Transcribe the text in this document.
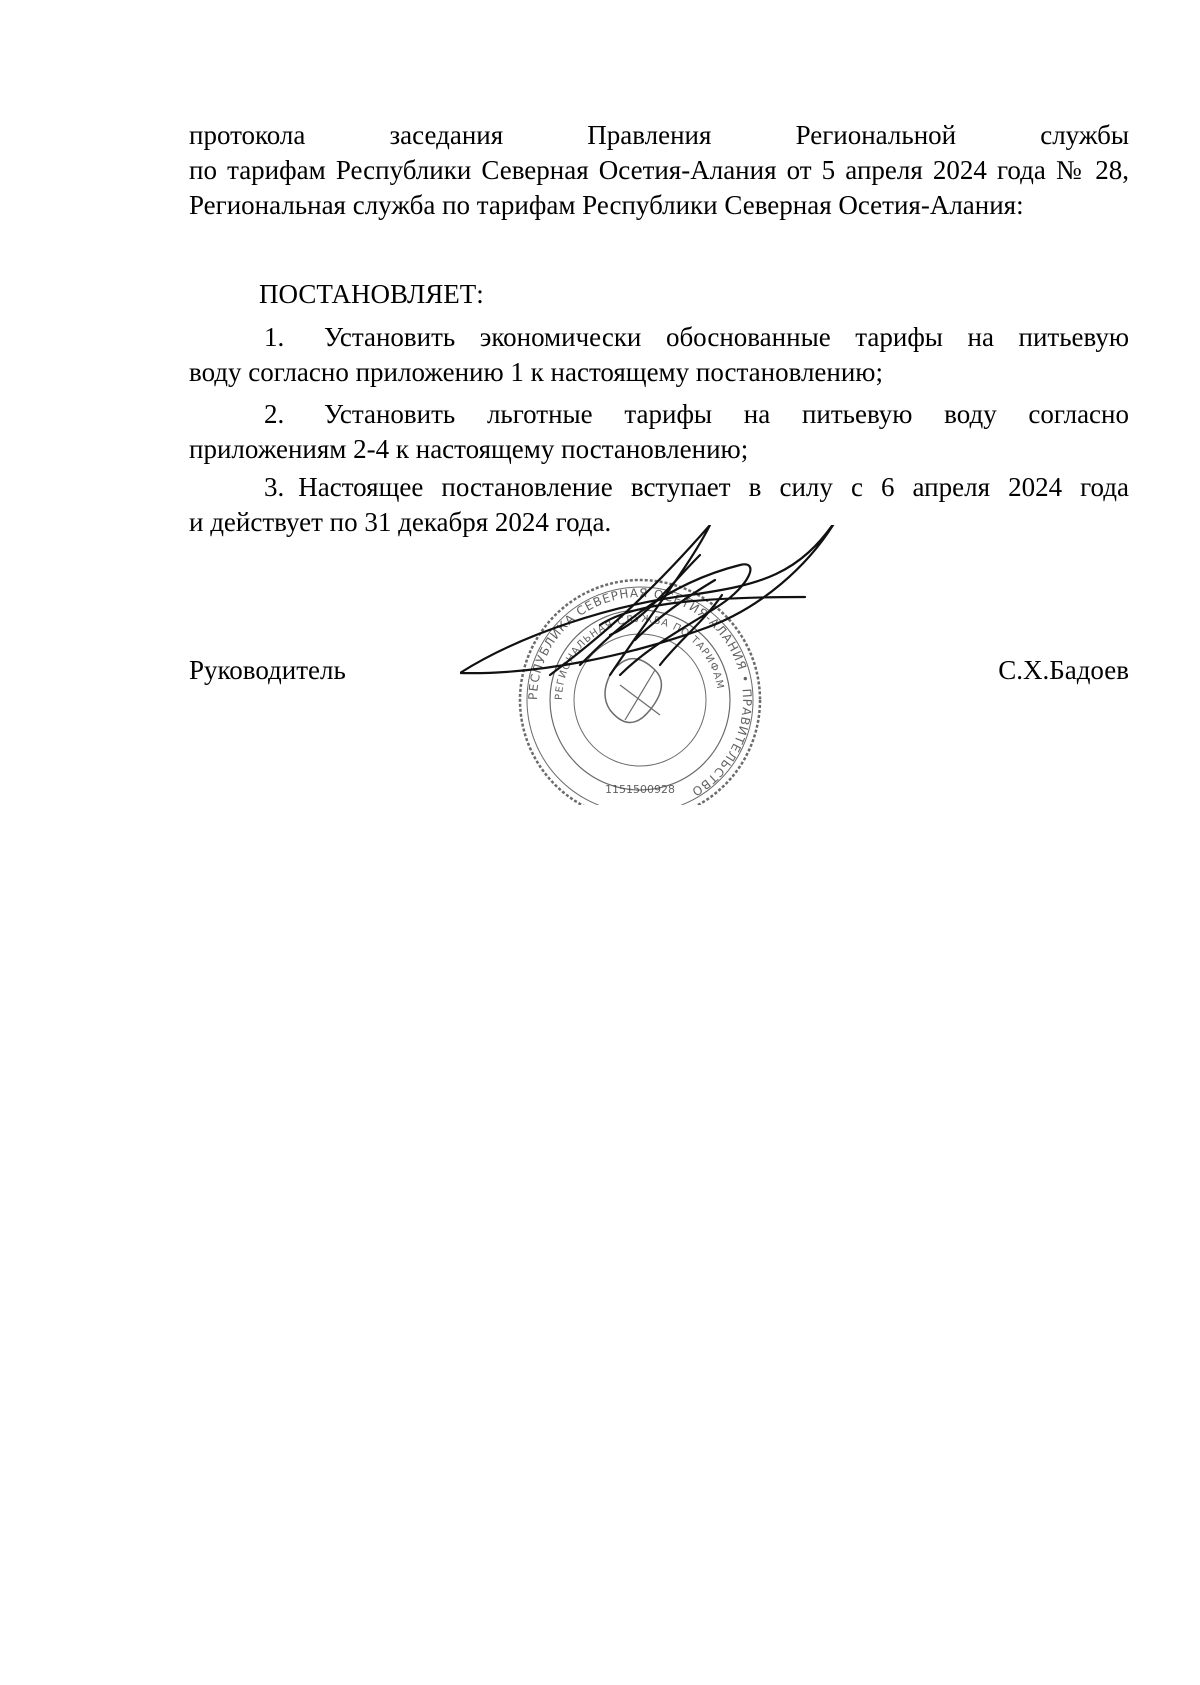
протокола заседания Правления Региональной службы
по тарифам Республики Северная Осетия-Алания от 5 апреля 2024 года № 28, Региональная служба по тарифам Республики Северная Осетия-Алания:
ПОСТАНОВЛЯЕТ:
1. Установить экономически обоснованные тарифы на питьевую
воду согласно приложению 1 к настоящему постановлению;
2. Установить льготные тарифы на питьевую воду согласно
приложениям 2-4 к настоящему постановлению;
3. Настоящее постановление вступает в силу с 6 апреля 2024 года
и действует по 31 декабря 2024 года.
Руководитель	С.Х.Бадоев
РЕСПУБЛИКА СЕВЕРНАЯ ОСЕТИЯ-АЛАНИЯ • ПРАВИТЕЛЬСТВО
РЕГИОНАЛЬНАЯ СЛУЖБА ПО ТАРИФАМ
1151500928
